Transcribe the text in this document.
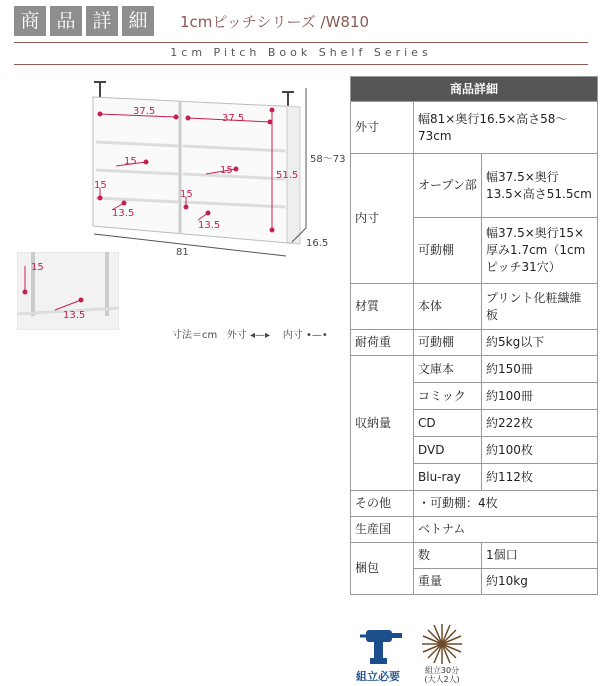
商 品 詳 細	1cmピッチシリーズ /W810
1cm Pitch Book Shelf Series
37.5
37.5
51.5
15
15
15
15
13.5
13.5
58〜73
81
16.5
15
13.5
寸法＝cm 外寸 ◂—▸ 内寸 •—•
商品詳細		
外寸	幅81×奥行16.5×高さ58〜73cm	
内寸	オープン部	幅37.5×奥行13.5×高さ51.5cm
	可動棚	幅37.5×奥行15×厚み1.7cm（1cmピッチ31穴）
材質	本体	プリント化粧繊維板
耐荷重	可動棚	約5kg以下
収納量	文庫本	約150冊
	コミック	約100冊
	CD	約222枚
	DVD	約100枚
	Blu-ray	約112枚
その他	・可動棚：4枚	
生産国	ベトナム	
梱包	数	1個口
	重量	約10kg
組立必要	組立30分
(大人2人)
